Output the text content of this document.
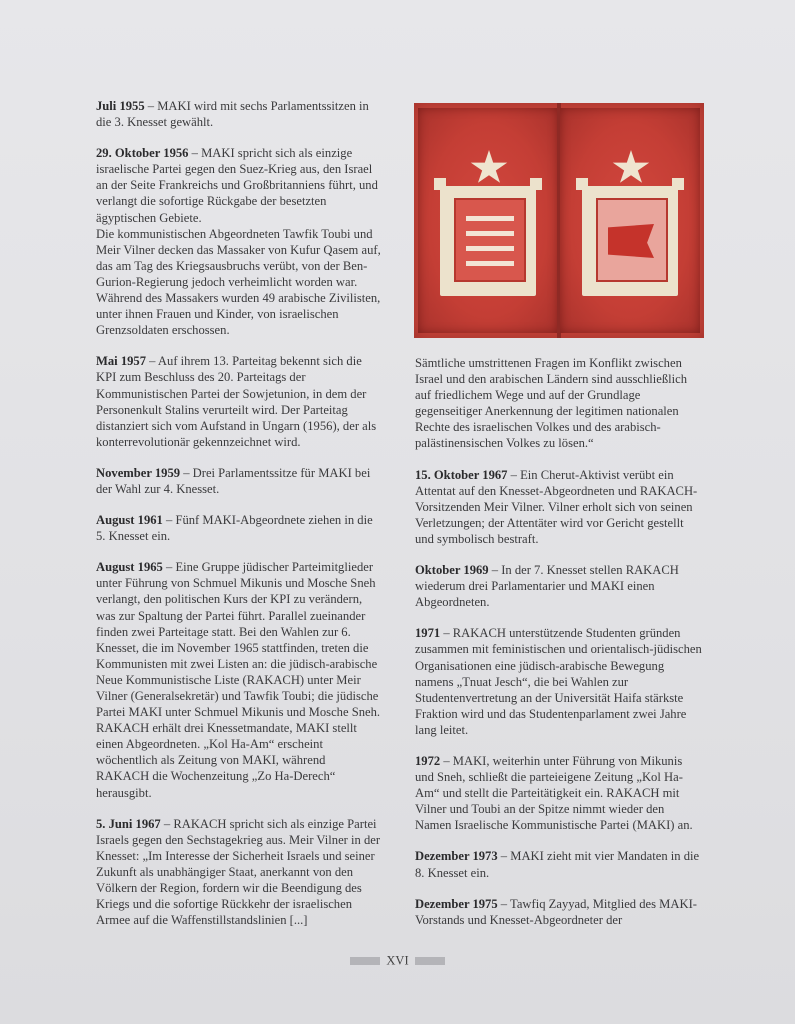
Juli 1955 – MAKI wird mit sechs Parlamentssitzen in die 3. Knesset gewählt.

29. Oktober 1956 – MAKI spricht sich als einzige israelische Partei gegen den Suez-Krieg aus, den Israel an der Seite Frankreichs und Großbritanniens führt, und verlangt die sofortige Rückgabe der besetzten ägyptischen Gebiete.

Die kommunistischen Abgeordneten Tawfik Toubi und Meir Vilner decken das Massaker von Kufur Qasem auf, das am Tag des Kriegsausbruchs verübt, von der Ben-Gurion-Regierung jedoch verheimlicht worden war. Während des Massakers wurden 49 arabische Zivilisten, unter ihnen Frauen und Kinder, von israelischen Grenzsoldaten erschossen.

Mai 1957 – Auf ihrem 13. Parteitag bekennt sich die KPI zum Beschluss des 20. Parteitags der Kommunistischen Partei der Sowjetunion, in dem der Personenkult Stalins verurteilt wird. Der Parteitag distanziert sich vom Aufstand in Ungarn (1956), der als konterrevolutionär gekennzeichnet wird.

November 1959 – Drei Parlamentssitze für MAKI bei der Wahl zur 4. Knesset.

August 1961 – Fünf MAKI-Abgeordnete ziehen in die 5. Knesset ein.

August 1965 – Eine Gruppe jüdischer Parteimitglieder unter Führung von Schmuel Mikunis und Mosche Sneh verlangt, den politischen Kurs der KPI zu verändern, was zur Spaltung der Partei führt. Parallel zueinander finden zwei Parteitage statt. Bei den Wahlen zur 6. Knesset, die im November 1965 stattfinden, treten die Kommunisten mit zwei Listen an: die jüdisch-arabische Neue Kommunistische Liste (RAKACH) unter Meir Vilner (Generalsekretär) und Tawfik Toubi; die jüdische Partei MAKI unter Schmuel Mikunis und Mosche Sneh. RAKACH erhält drei Knessetmandate, MAKI stellt einen Abgeordneten. „Kol Ha-Am“ erscheint wöchentlich als Zeitung von MAKI, während RAKACH die Wochenzeitung „Zo Ha-Derech“ herausgibt.

5. Juni 1967 – RAKACH spricht sich als einzige Partei Israels gegen den Sechstagekrieg aus. Meir Vilner in der Knesset: „Im Interesse der Sicherheit Israels und seiner Zukunft als unabhängiger Staat, anerkannt von den Völkern der Region, fordern wir die Beendigung des Kriegs und die sofortige Rückkehr der israelischen Armee auf die Waffenstillstandslinien [...]

Sämtliche umstrittenen Fragen im Konflikt zwischen Israel und den arabischen Ländern sind ausschließlich auf friedlichem Wege und auf der Grundlage gegenseitiger Anerkennung der legitimen nationalen Rechte des israelischen Volkes und des arabisch-palästinensischen Volkes zu lösen.“

15. Oktober 1967 – Ein Cherut-Aktivist verübt ein Attentat auf den Knesset-Abgeordneten und RAKACH-Vorsitzenden Meir Vilner. Vilner erholt sich von seinen Verletzungen; der Attentäter wird vor Gericht gestellt und symbolisch bestraft.

Oktober 1969 – In der 7. Knesset stellen RAKACH wiederum drei Parlamentarier und MAKI einen Abgeordneten.

1971 – RAKACH unterstützende Studenten gründen zusammen mit feministischen und orientalisch-jüdischen Organisationen eine jüdisch-arabische Bewegung namens „Tnuat Jesch“, die bei Wahlen zur Studentenvertretung an der Universität Haifa stärkste Fraktion wird und das Studentenparlament zwei Jahre lang leitet.

1972 – MAKI, weiterhin unter Führung von Mikunis und Sneh, schließt die parteieigene Zeitung „Kol Ha-Am“ und stellt die Parteitätigkeit ein. RAKACH mit Vilner und Toubi an der Spitze nimmt wieder den Namen Israelische Kommunistische Partei (MAKI) an.

Dezember 1973 – MAKI zieht mit vier Mandaten in die 8. Knesset ein.

Dezember 1975 – Tawfiq Zayyad, Mitglied des MAKI-Vorstands und Knesset-Abgeordneter der

XVI
